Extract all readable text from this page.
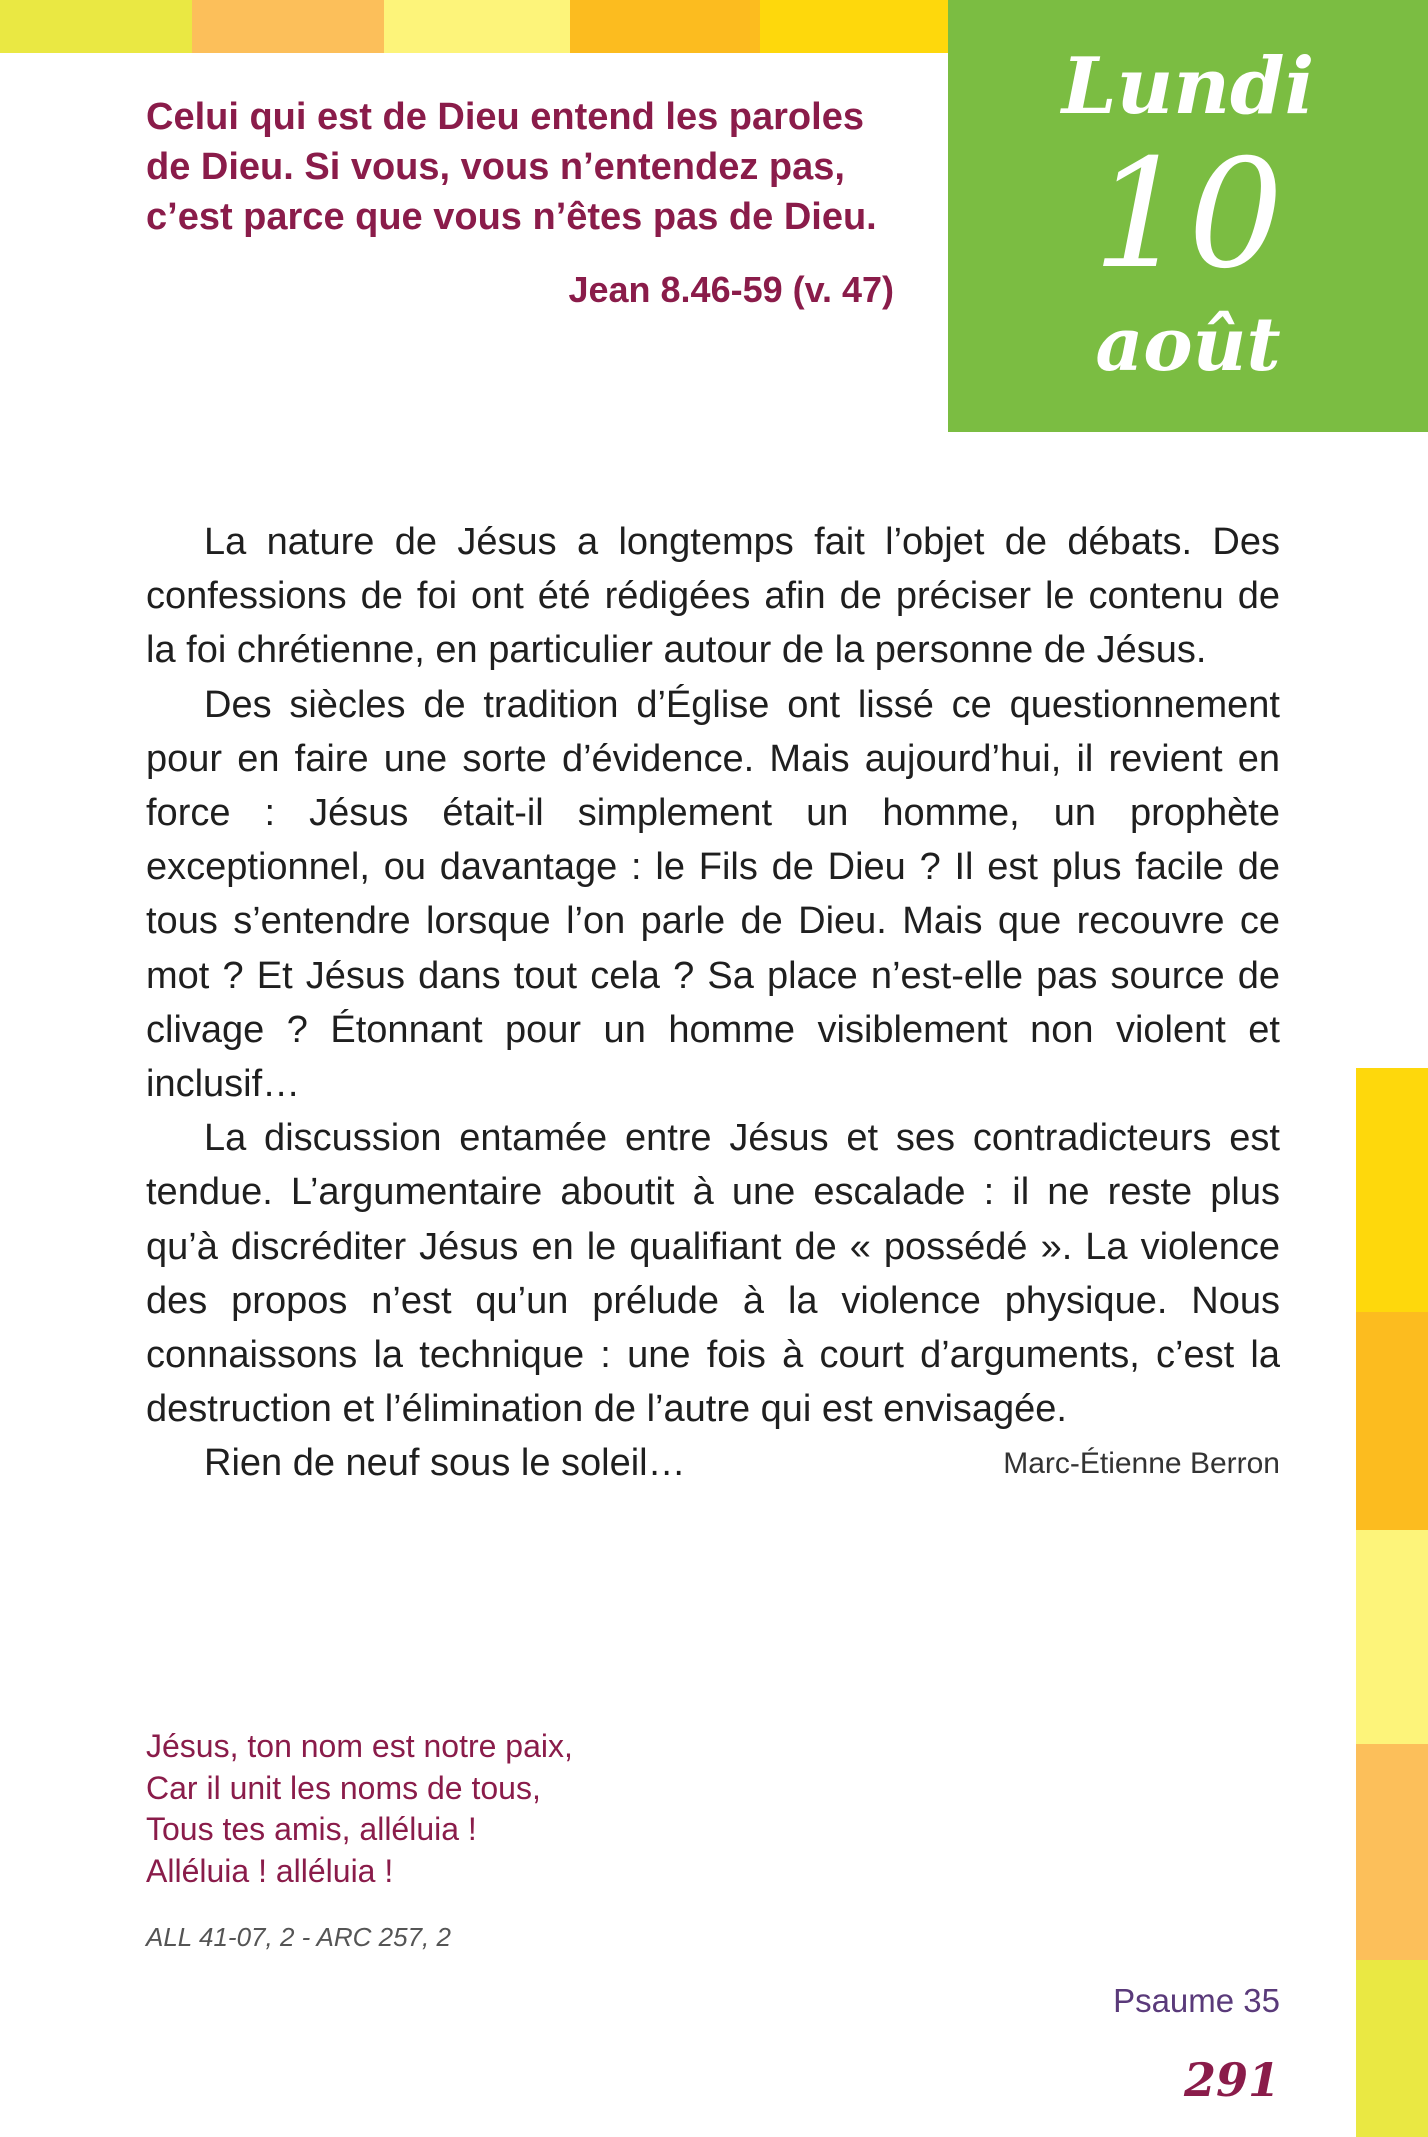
Lundi
10
août
Celui qui est de Dieu entend les paroles
de Dieu. Si vous, vous n’entendez pas,
c’est parce que vous n’êtes pas de Dieu.
Jean 8.46-59 (v. 47)

La nature de Jésus a longtemps fait l’objet de débats. Des confessions de foi ont été rédigées afin de préciser le contenu de la foi chrétienne, en particulier autour de la personne de Jésus.

Des siècles de tradition d’Église ont lissé ce questionnement pour en faire une sorte d’évidence. Mais aujourd’hui, il revient en force : Jésus était-il simplement un homme, un prophète exceptionnel, ou davantage : le Fils de Dieu ? Il est plus facile de tous s’entendre lorsque l’on parle de Dieu. Mais que recouvre ce mot ? Et Jésus dans tout cela ? Sa place n’est-elle pas source de clivage ? Étonnant pour un homme visiblement non violent et inclusif…

La discussion entamée entre Jésus et ses contradicteurs est tendue. L’argumentaire aboutit à une escalade : il ne reste plus qu’à discréditer Jésus en le qualifiant de « possédé ». La violence des propos n’est qu’un prélude à la violence physique. Nous connaissons la technique : une fois à court d’arguments, c’est la destruction et l’élimination de l’autre qui est envisagée.

Rien de neuf sous le soleil…	Marc-Étienne Berron
Jésus, ton nom est notre paix,
Car il unit les noms de tous,
Tous tes amis, alléluia !
Alléluia ! alléluia !
ALL 41-07, 2 - ARC 257, 2
Psaume 35
291
